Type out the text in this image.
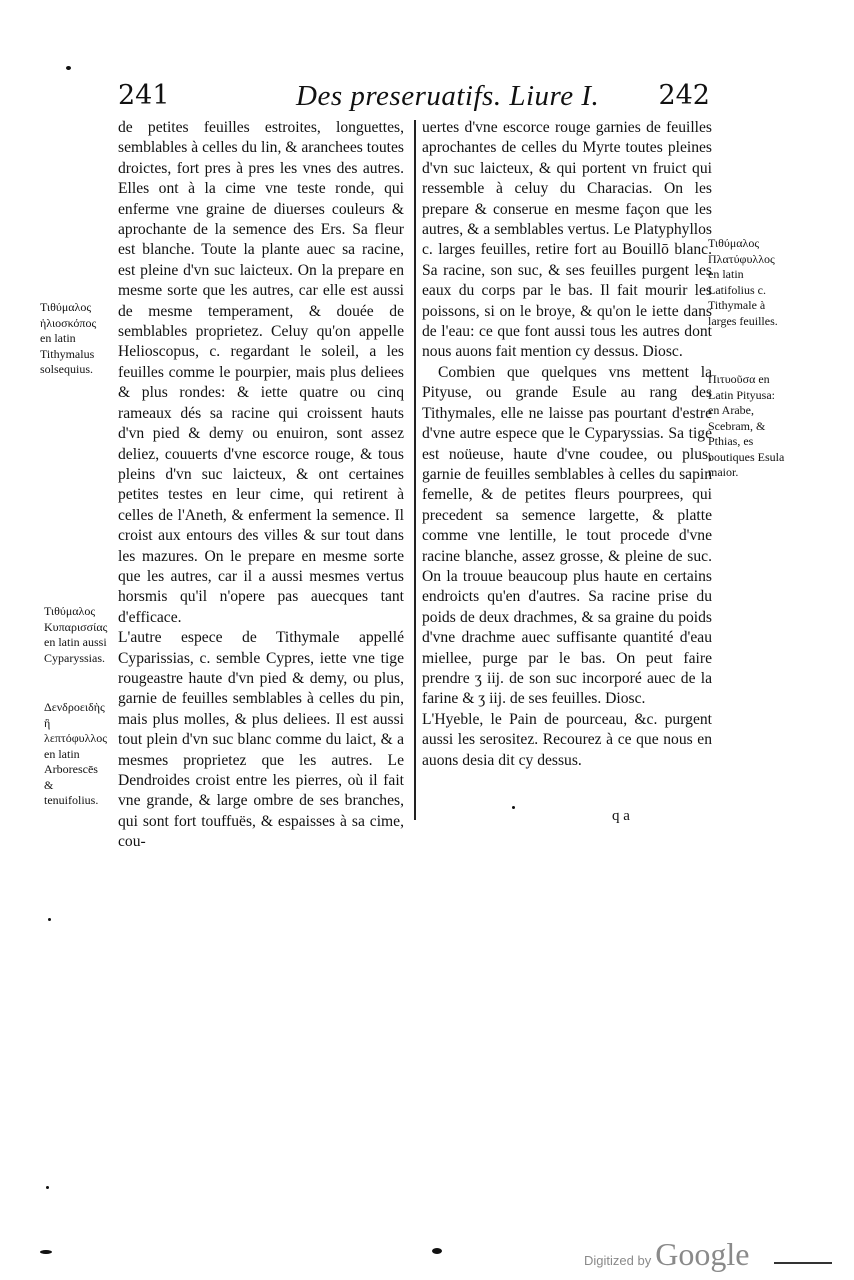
241	Des preseruatifs. Liure I. 242

de petites feuilles estroites, longuettes, semblables à celles du lin, & aranchees toutes droictes, fort pres à pres les vnes des autres. Elles ont à la cime vne teste ronde, qui enferme vne graine de diuerses couleurs & aprochante de la semence des Ers. Sa fleur est blanche. Toute la plante auec sa racine, est pleine d'vn suc laicteux. On la prepare en mesme sorte que les autres, car elle est aussi de mesme temperament, & douée de semblables proprietez. Celuy qu'on appelle Helioscopus, c. regardant le soleil, a les feuilles comme le pourpier, mais plus deliees & plus rondes: & iette quatre ou cinq rameaux dés sa racine qui croissent hauts d'vn pied & demy ou enuiron, sont assez deliez, couuerts d'vne escorce rouge, & tous pleins d'vn suc laicteux, & ont certaines petites testes en leur cime, qui retirent à celles de l'Aneth, & enferment la semence. Il croist aux entours des villes & sur tout dans les mazures. On le prepare en mesme sorte que les autres, car il a aussi mesmes vertus horsmis qu'il n'opere pas auecques tant d'efficace.

L'autre espece de Tithymale appellé Cyparissias, c. semble Cypres, iette vne tige rougeastre haute d'vn pied & demy, ou plus, garnie de feuilles semblables à celles du pin, mais plus molles, & plus deliees. Il est aussi tout plein d'vn suc blanc comme du laict, & a mesmes proprietez que les autres. Le Dendroides croist entre les pierres, où il fait vne grande, & large ombre de ses branches, qui sont fort touffuës, & espaisses à sa cime, cou-

uertes d'vne escorce rouge garnies de feuilles aprochantes de celles du Myrte toutes pleines d'vn suc laicteux, & qui portent vn fruict qui ressemble à celuy du Characias. On les prepare & conserue en mesme façon que les autres, & a semblables vertus. Le Platyphyllos c. larges feuilles, retire fort au Bouillō blanc. Sa racine, son suc, & ses feuilles purgent les eaux du corps par le bas. Il fait mourir les poissons, si on le broye, & qu'on le iette dans de l'eau: ce que font aussi tous les autres dont nous auons fait mention cy dessus. Diosc.

Combien que quelques vns mettent la Pityuse, ou grande Esule au rang des Tithymales, elle ne laisse pas pourtant d'estre d'vne autre espece que le Cyparyssias. Sa tige est noüeuse, haute d'vne coudee, ou plus, garnie de feuilles semblables à celles du sapin femelle, & de petites fleurs pourprees, qui precedent sa semence largette, & platte comme vne lentille, le tout procede d'vne racine blanche, assez grosse, & pleine de suc. On la trouue beaucoup plus haute en certains endroicts qu'en d'autres. Sa racine prise du poids de deux drachmes, & sa graine du poids d'vne drachme auec suffisante quantité d'eau miellee, purge par le bas. On peut faire prendre ʒ iij. de son suc incorporé auec de la farine & ʒ iij. de ses feuilles. Diosc.

L'Hyeble, le Pain de pourceau, &c. purgent aussi les serositez. Recourez à ce que nous en auons desia dit cy dessus.

Τιθύμαλος ἡλιοσκόπος en latin Tithymalus solsequius.
Τιθύμαλος Κυπαρισσίας en latin aussi Cyparyssias.
Δενδροειδὴς ἢ λεπτόφυλλος en latin Arborescēs & tenuifolius.
Τιθύμαλος Πλατύφυλλος en latin Latifolius c. Tithymale à larges feuilles.
Πιτυοῦσα en Latin Pityusa: en Arabe, Scebram, & Pthias, es boutiques Esula maior.
q a
Digitized by Google
